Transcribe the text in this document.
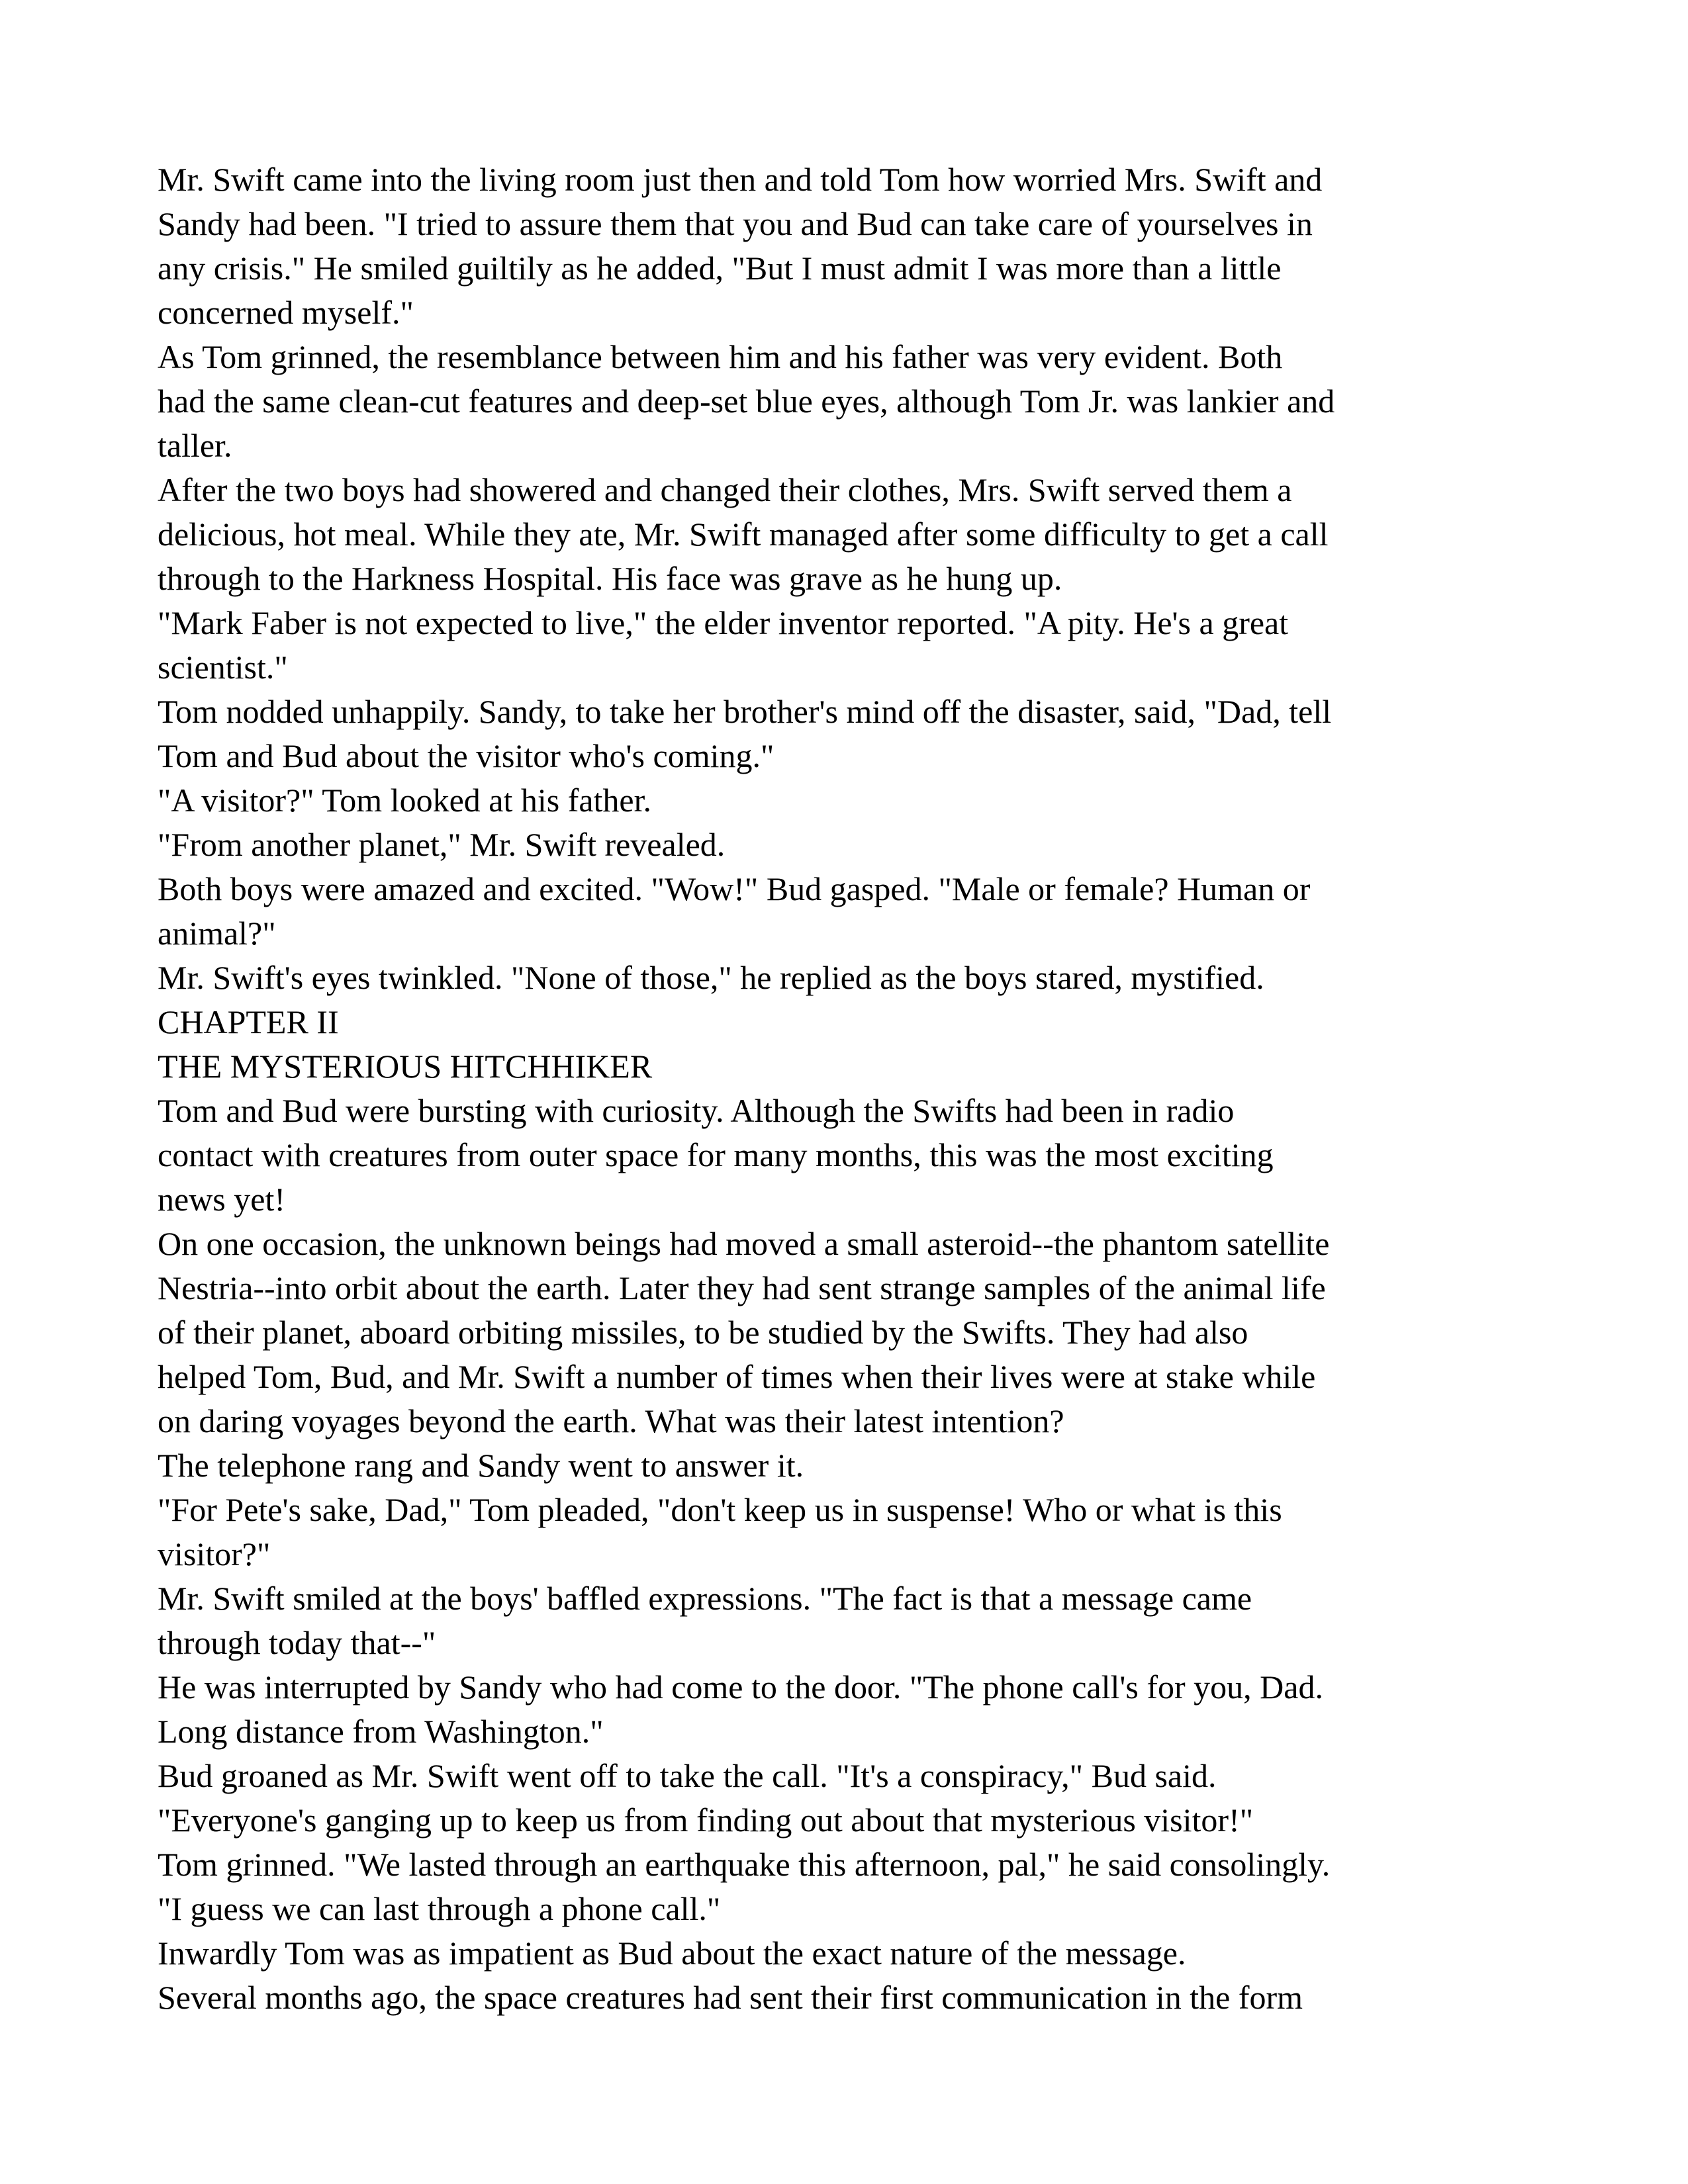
Mr. Swift came into the living room just then and told Tom how worried Mrs. Swift and
Sandy had been. "I tried to assure them that you and Bud can take care of yourselves in
any crisis." He smiled guiltily as he added, "But I must admit I was more than a little
concerned myself."

As Tom grinned, the resemblance between him and his father was very evident. Both
had the same clean-cut features and deep-set blue eyes, although Tom Jr. was lankier and
taller.

After the two boys had showered and changed their clothes, Mrs. Swift served them a
delicious, hot meal. While they ate, Mr. Swift managed after some difficulty to get a call
through to the Harkness Hospital. His face was grave as he hung up.

"Mark Faber is not expected to live," the elder inventor reported. "A pity. He's a great
scientist."

Tom nodded unhappily. Sandy, to take her brother's mind off the disaster, said, "Dad, tell
Tom and Bud about the visitor who's coming."

"A visitor?" Tom looked at his father.

"From another planet," Mr. Swift revealed.

Both boys were amazed and excited. "Wow!" Bud gasped. "Male or female? Human or
animal?"

Mr. Swift's eyes twinkled. "None of those," he replied as the boys stared, mystified.

CHAPTER II

THE MYSTERIOUS HITCHHIKER

Tom and Bud were bursting with curiosity. Although the Swifts had been in radio
contact with creatures from outer space for many months, this was the most exciting
news yet!

On one occasion, the unknown beings had moved a small asteroid--the phantom satellite
Nestria--into orbit about the earth. Later they had sent strange samples of the animal life
of their planet, aboard orbiting missiles, to be studied by the Swifts. They had also
helped Tom, Bud, and Mr. Swift a number of times when their lives were at stake while
on daring voyages beyond the earth. What was their latest intention?

The telephone rang and Sandy went to answer it.

"For Pete's sake, Dad," Tom pleaded, "don't keep us in suspense! Who or what is this
visitor?"

Mr. Swift smiled at the boys' baffled expressions. "The fact is that a message came
through today that--"

He was interrupted by Sandy who had come to the door. "The phone call's for you, Dad.
Long distance from Washington."

Bud groaned as Mr. Swift went off to take the call. "It's a conspiracy," Bud said.
"Everyone's ganging up to keep us from finding out about that mysterious visitor!"

Tom grinned. "We lasted through an earthquake this afternoon, pal," he said consolingly.
"I guess we can last through a phone call."

Inwardly Tom was as impatient as Bud about the exact nature of the message.

Several months ago, the space creatures had sent their first communication in the form
